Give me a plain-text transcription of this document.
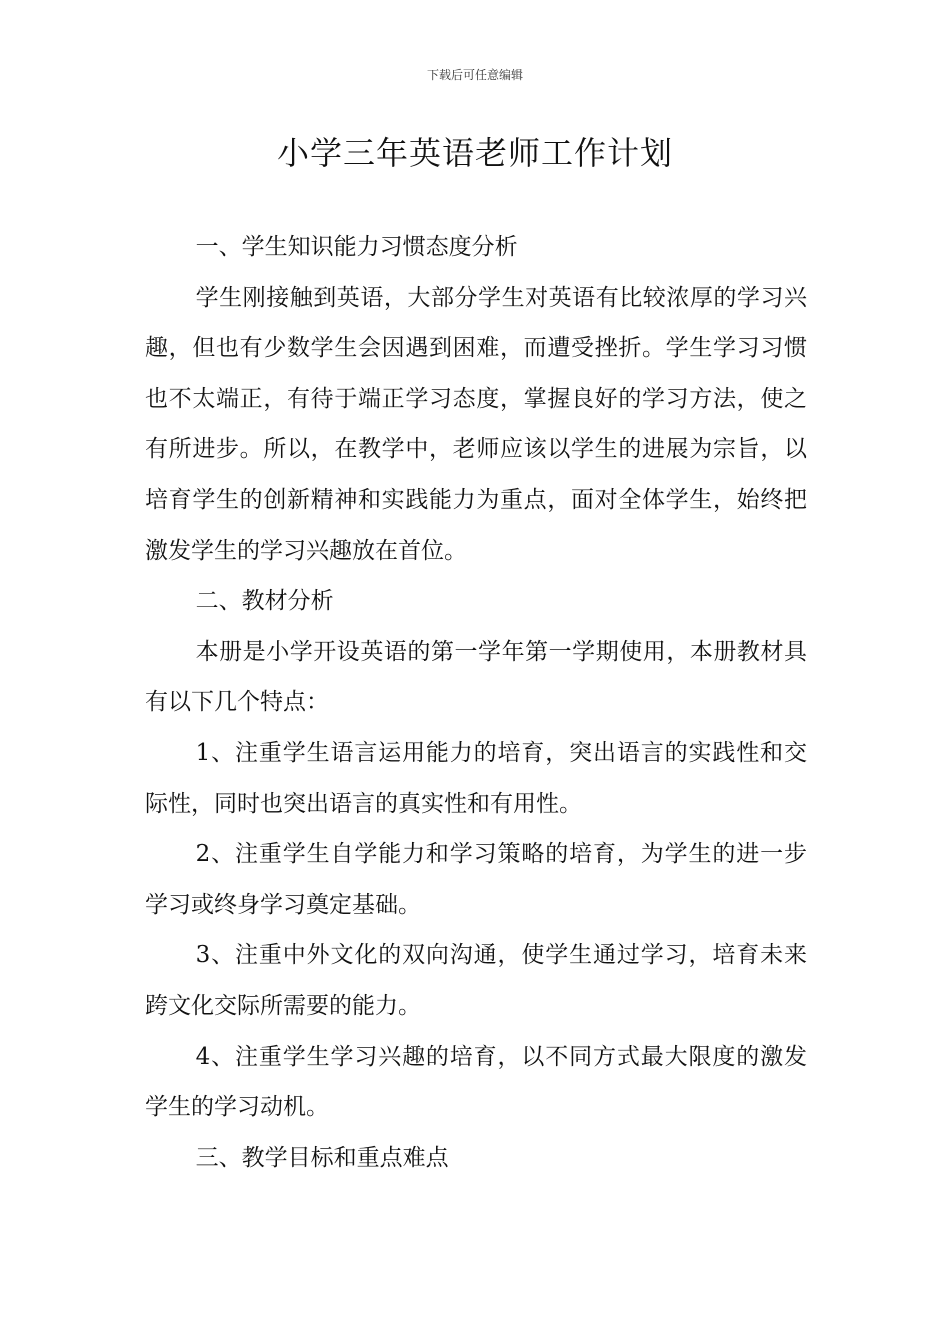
下载后可任意编辑
小学三年英语老师工作计划

一、学生知识能力习惯态度分析

学生刚接触到英语，大部分学生对英语有比较浓厚的学习兴趣，但也有少数学生会因遇到困难，而遭受挫折。学生学习习惯也不太端正，有待于端正学习态度，掌握良好的学习方法，使之有所进步。所以，在教学中，老师应该以学生的进展为宗旨，以培育学生的创新精神和实践能力为重点，面对全体学生，始终把激发学生的学习兴趣放在首位。

二、教材分析

本册是小学开设英语的第一学年第一学期使用，本册教材具有以下几个特点：

1、注重学生语言运用能力的培育，突出语言的实践性和交际性，同时也突出语言的真实性和有用性。

2、注重学生自学能力和学习策略的培育，为学生的进一步学习或终身学习奠定基础。

3、注重中外文化的双向沟通，使学生通过学习，培育未来跨文化交际所需要的能力。

4、注重学生学习兴趣的培育，以不同方式最大限度的激发学生的学习动机。

三、教学目标和重点难点
